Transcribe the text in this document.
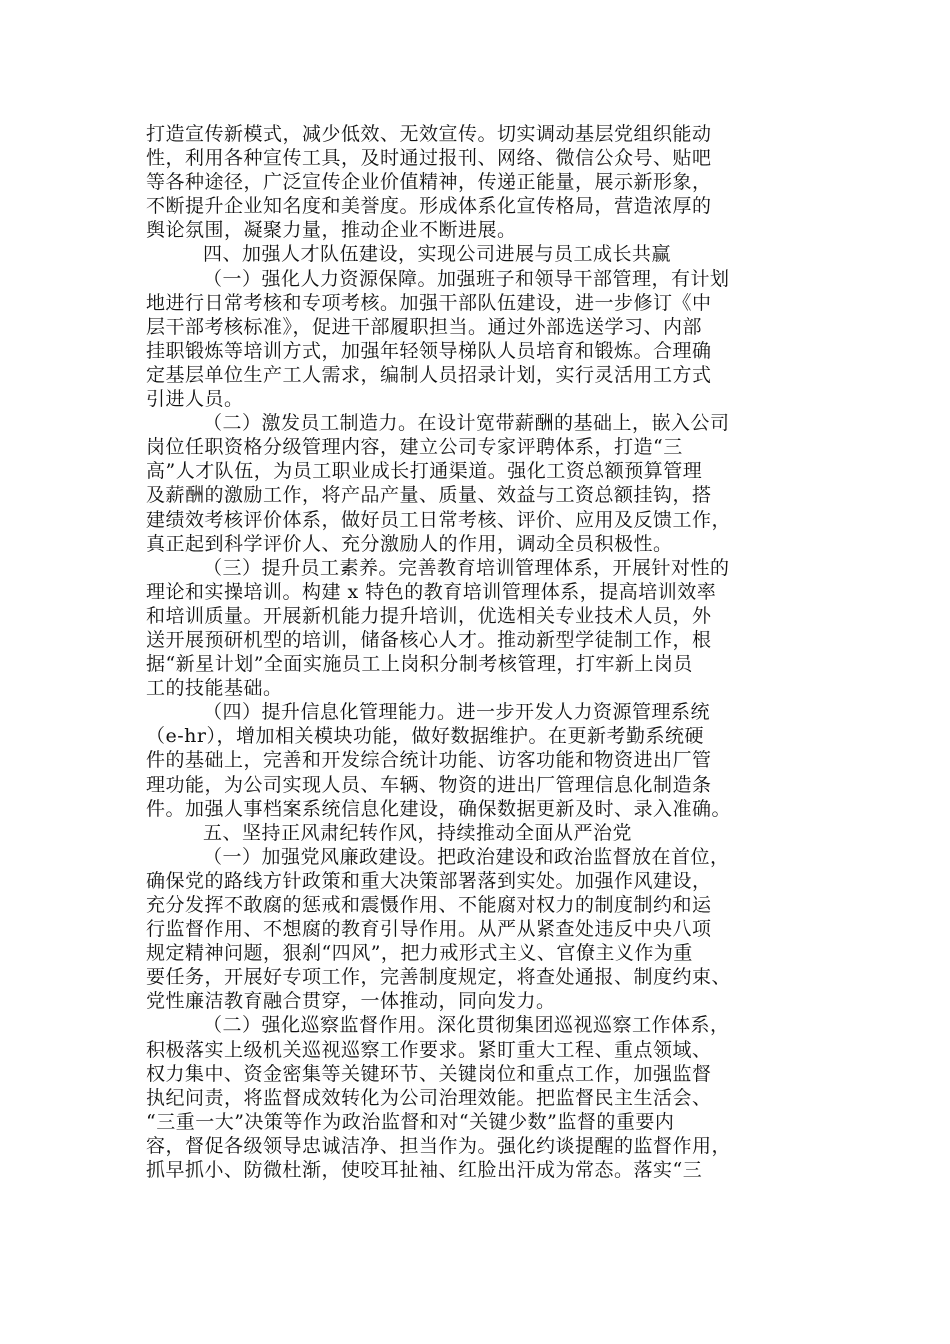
打造宣传新模式，减少低效、无效宣传。切实调动基层党组织能动
性，利用各种宣传工具，及时通过报刊、网络、微信公众号、贴吧
等各种途径，广泛宣传企业价值精神，传递正能量，展示新形象，
不断提升企业知名度和美誉度。形成体系化宣传格局，营造浓厚的
舆论氛围，凝聚力量，推动企业不断进展。
四、加强人才队伍建设，实现公司进展与员工成长共赢
（一）强化人力资源保障。加强班子和领导干部管理，有计划
地进行日常考核和专项考核。加强干部队伍建设，进一步修订《中
层干部考核标准》，促进干部履职担当。通过外部选送学习、内部
挂职锻炼等培训方式，加强年轻领导梯队人员培育和锻炼。合理确
定基层单位生产工人需求，编制人员招录计划，实行灵活用工方式
引进人员。
（二）激发员工制造力。在设计宽带薪酬的基础上，嵌入公司
岗位任职资格分级管理内容，建立公司专家评聘体系，打造“三
高”人才队伍，为员工职业成长打通渠道。强化工资总额预算管理
及薪酬的激励工作，将产品产量、质量、效益与工资总额挂钩，搭
建绩效考核评价体系，做好员工日常考核、评价、应用及反馈工作，
真正起到科学评价人、充分激励人的作用，调动全员积极性。
（三）提升员工素养。完善教育培训管理体系，开展针对性的
理论和实操培训。构建 x 特色的教育培训管理体系，提高培训效率
和培训质量。开展新机能力提升培训，优选相关专业技术人员，外
送开展预研机型的培训，储备核心人才。推动新型学徒制工作，根
据“新星计划”全面实施员工上岗积分制考核管理，打牢新上岗员
工的技能基础。
（四）提升信息化管理能力。进一步开发人力资源管理系统
（e-hr），增加相关模块功能，做好数据维护。在更新考勤系统硬
件的基础上，完善和开发综合统计功能、访客功能和物资进出厂管
理功能，为公司实现人员、车辆、物资的进出厂管理信息化制造条
件。加强人事档案系统信息化建设，确保数据更新及时、录入准确。
五、坚持正风肃纪转作风，持续推动全面从严治党
（一）加强党风廉政建设。把政治建设和政治监督放在首位，
确保党的路线方针政策和重大决策部署落到实处。加强作风建设，
充分发挥不敢腐的惩戒和震慑作用、不能腐对权力的制度制约和运
行监督作用、不想腐的教育引导作用。从严从紧查处违反中央八项
规定精神问题，狠刹“四风”，把力戒形式主义、官僚主义作为重
要任务，开展好专项工作，完善制度规定，将查处通报、制度约束、
党性廉洁教育融合贯穿，一体推动，同向发力。
（二）强化巡察监督作用。深化贯彻集团巡视巡察工作体系，
积极落实上级机关巡视巡察工作要求。紧盯重大工程、重点领域、
权力集中、资金密集等关键环节、关键岗位和重点工作，加强监督
执纪问责，将监督成效转化为公司治理效能。把监督民主生活会、
“三重一大”决策等作为政治监督和对“关键少数”监督的重要内
容，督促各级领导忠诚洁净、担当作为。强化约谈提醒的监督作用，
抓早抓小、防微杜渐，使咬耳扯袖、红脸出汗成为常态。落实“三
